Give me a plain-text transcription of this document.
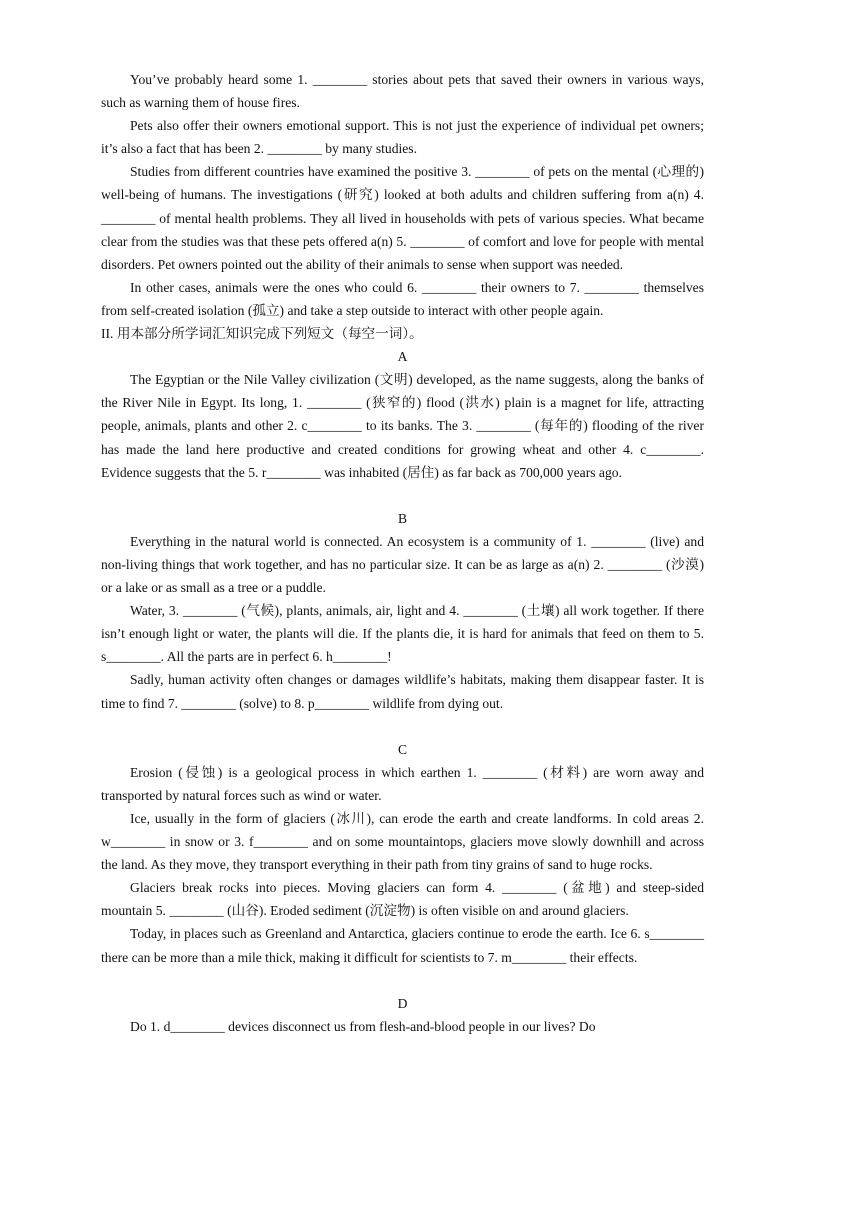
You’ve probably heard some 1. ________ stories about pets that saved their owners in various ways, such as warning them of house fires.

Pets also offer their owners emotional support. This is not just the experience of individual pet owners; it’s also a fact that has been 2. ________ by many studies.

Studies from different countries have examined the positive 3. ________ of pets on the mental (心理的) well-being of humans. The investigations (研究) looked at both adults and children suffering from a(n) 4. ________ of mental health problems. They all lived in households with pets of various species. What became clear from the studies was that these pets offered a(n) 5. ________ of comfort and love for people with mental disorders. Pet owners pointed out the ability of their animals to sense when support was needed.

In other cases, animals were the ones who could 6. ________ their owners to 7. ________ themselves from self-created isolation (孤立) and take a step outside to interact with other people again.

II. 用本部分所学词汇知识完成下列短文（每空一词）。

A

The Egyptian or the Nile Valley civilization (文明) developed, as the name suggests, along the banks of the River Nile in Egypt. Its long, 1. ________ (狭窄的) flood (洪水) plain is a magnet for life, attracting people, animals, plants and other 2. c________ to its banks. The 3. ________ (每年的) flooding of the river has made the land here productive and created conditions for growing wheat and other 4. c________. Evidence suggests that the 5. r________ was inhabited (居住) as far back as 700,000 years ago.

B

Everything in the natural world is connected. An ecosystem is a community of 1. ________ (live) and non-living things that work together, and has no particular size. It can be as large as a(n) 2. ________ (沙漠) or a lake or as small as a tree or a puddle.

Water, 3. ________ (气候), plants, animals, air, light and 4. ________ (土壤) all work together. If there isn’t enough light or water, the plants will die. If the plants die, it is hard for animals that feed on them to 5. s________. All the parts are in perfect 6. h________!

Sadly, human activity often changes or damages wildlife’s habitats, making them disappear faster. It is time to find 7. ________ (solve) to 8. p________ wildlife from dying out.

C

Erosion (侵蚀) is a geological process in which earthen 1. ________ (材料) are worn away and transported by natural forces such as wind or water.

Ice, usually in the form of glaciers (冰川), can erode the earth and create landforms. In cold areas 2. w________ in snow or 3. f________ and on some mountaintops, glaciers move slowly downhill and across the land. As they move, they transport everything in their path from tiny grains of sand to huge rocks.

Glaciers break rocks into pieces. Moving glaciers can form 4. ________ (盆地) and steep-sided mountain 5. ________ (山谷). Eroded sediment (沉淀物) is often visible on and around glaciers.

Today, in places such as Greenland and Antarctica, glaciers continue to erode the earth. Ice 6. s________ there can be more than a mile thick, making it difficult for scientists to 7. m________ their effects.

D

Do 1. d________ devices disconnect us from flesh-and-blood people in our lives? Do
